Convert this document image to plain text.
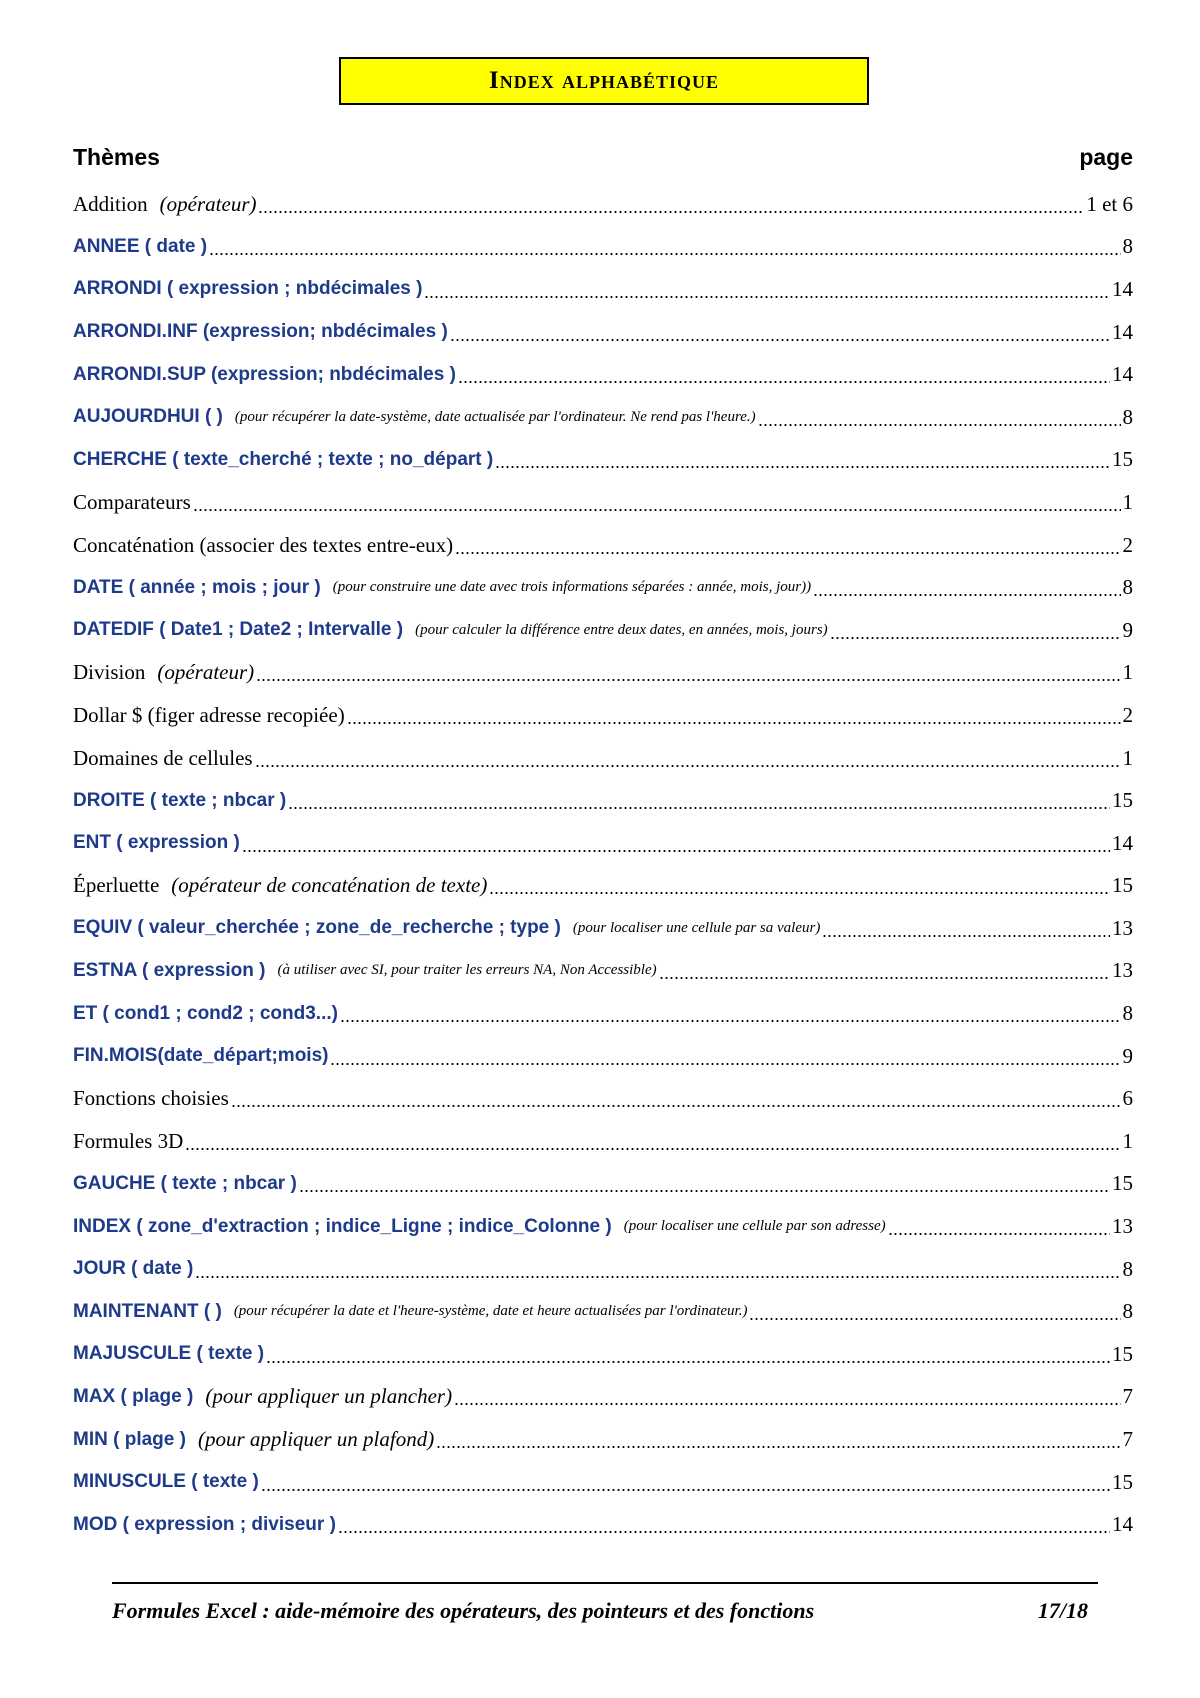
Index alphabétique
Thèmes	page
Addition (opérateur)	1 et 6
ANNEE ( date )	8
ARRONDI ( expression ; nbdécimales )	14
ARRONDI.INF (expression; nbdécimales )	14
ARRONDI.SUP (expression; nbdécimales )	14
AUJOURDHUI ( ) (pour récupérer la date-système, date actualisée par l'ordinateur. Ne rend pas l'heure.)	8
CHERCHE ( texte_cherché ; texte ; no_départ )	15
Comparateurs	1
Concaténation (associer des textes entre-eux)	2
DATE ( année ; mois ; jour ) (pour construire une date avec trois informations séparées : année, mois, jour))	8
DATEDIF ( Date1 ; Date2 ; Intervalle ) (pour calculer la différence entre deux dates, en années, mois, jours)	9
Division (opérateur)	1
Dollar $ (figer adresse recopiée)	2
Domaines de cellules	1
DROITE ( texte ; nbcar )	15
ENT ( expression )	14
Éperluette (opérateur de concaténation de texte)	15
EQUIV ( valeur_cherchée ; zone_de_recherche ; type ) (pour localiser une cellule par sa valeur)	13
ESTNA ( expression ) (à utiliser avec SI, pour traiter les erreurs NA, Non Accessible)	13
ET ( cond1 ; cond2 ; cond3...)	8
FIN.MOIS(date_départ;mois)	9
Fonctions choisies	6
Formules 3D	1
GAUCHE ( texte ; nbcar )	15
INDEX ( zone_d'extraction ; indice_Ligne ; indice_Colonne ) (pour localiser une cellule par son adresse)	13
JOUR ( date )	8
MAINTENANT ( ) (pour récupérer la date et l'heure-système, date et heure actualisées par l'ordinateur.)	8
MAJUSCULE ( texte )	15
MAX ( plage ) (pour appliquer un plancher)	7
MIN ( plage ) (pour appliquer un plafond)	7
MINUSCULE ( texte )	15
MOD ( expression ; diviseur )	14
Formules Excel : aide-mémoire des opérateurs, des pointeurs et des fonctions	17/18
